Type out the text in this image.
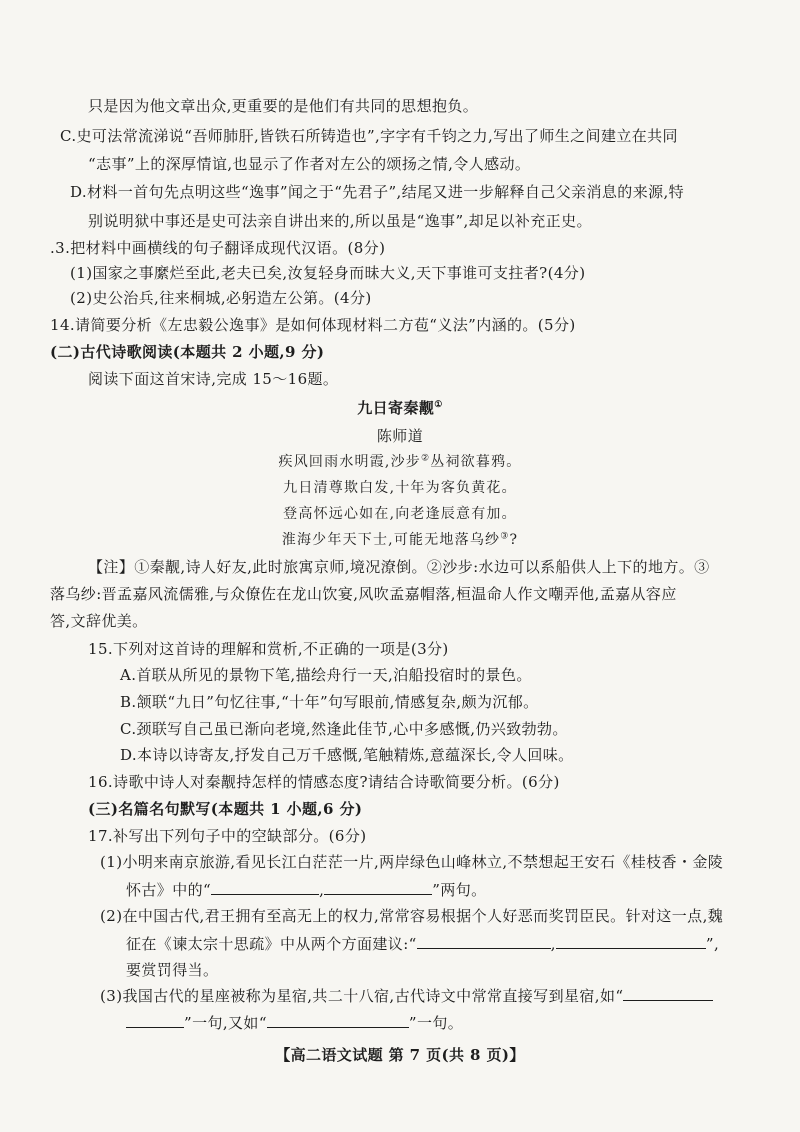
只是因为他文章出众,更重要的是他们有共同的思想抱负。
C.史可法常流涕说“吾师肺肝,皆铁石所铸造也”,字字有千钧之力,写出了师生之间建立在共同
“志事”上的深厚情谊,也显示了作者对左公的颂扬之情,令人感动。
D.材料一首句先点明这些“逸事”闻之于“先君子”,结尾又进一步解释自己父亲消息的来源,特
别说明狱中事还是史可法亲自讲出来的,所以虽是“逸事”,却足以补充正史。
.3.把材料中画横线的句子翻译成现代汉语。(8分)
(1)国家之事縻烂至此,老夫已矣,汝复轻身而昧大义,天下事谁可支拄者?(4分)
(2)史公治兵,往来桐城,必躬造左公第。(4分)
14.请简要分析《左忠毅公逸事》是如何体现材料二方苞“义法”内涵的。(5分)
(二)古代诗歌阅读(本题共 2 小题,9 分)
阅读下面这首宋诗,完成 15～16题。
九日寄秦觏①
陈师道
疾风回雨水明霞,沙步②丛祠欲暮鸦。
九日清尊欺白发,十年为客负黄花。
登高怀远心如在,向老逢辰意有加。
淮海少年天下士,可能无地落乌纱③?
【注】①秦觏,诗人好友,此时旅寓京师,境况潦倒。②沙步:水边可以系船供人上下的地方。③
落乌纱:晋孟嘉风流儒雅,与众僚佐在龙山饮宴,风吹孟嘉帽落,桓温命人作文嘲弄他,孟嘉从容应
答,文辞优美。
15.下列对这首诗的理解和赏析,不正确的一项是(3分)
A.首联从所见的景物下笔,描绘舟行一天,泊船投宿时的景色。
B.颔联“九日”句忆往事,“十年”句写眼前,情感复杂,颇为沉郁。
C.颈联写自己虽已渐向老境,然逢此佳节,心中多感慨,仍兴致勃勃。
D.本诗以诗寄友,抒发自己万千感慨,笔触精炼,意蕴深长,令人回味。
16.诗歌中诗人对秦觏持怎样的情感态度?请结合诗歌简要分析。(6分)
(三)名篇名句默写(本题共 1 小题,6 分)
17.补写出下列句子中的空缺部分。(6分)
(1)小明来南京旅游,看见长江白茫茫一片,两岸绿色山峰林立,不禁想起王安石《桂枝香・金陵
怀古》中的“	,	”两句。
(2)在中国古代,君王拥有至高无上的权力,常常容易根据个人好恶而奖罚臣民。针对这一点,魏
征在《谏太宗十思疏》中从两个方面建议:“	,	”,
要赏罚得当。
(3)我国古代的星座被称为星宿,共二十八宿,古代诗文中常常直接写到星宿,如“
”一句,又如“	”一句。
【高二语文试题 第 7 页(共 8 页)】
